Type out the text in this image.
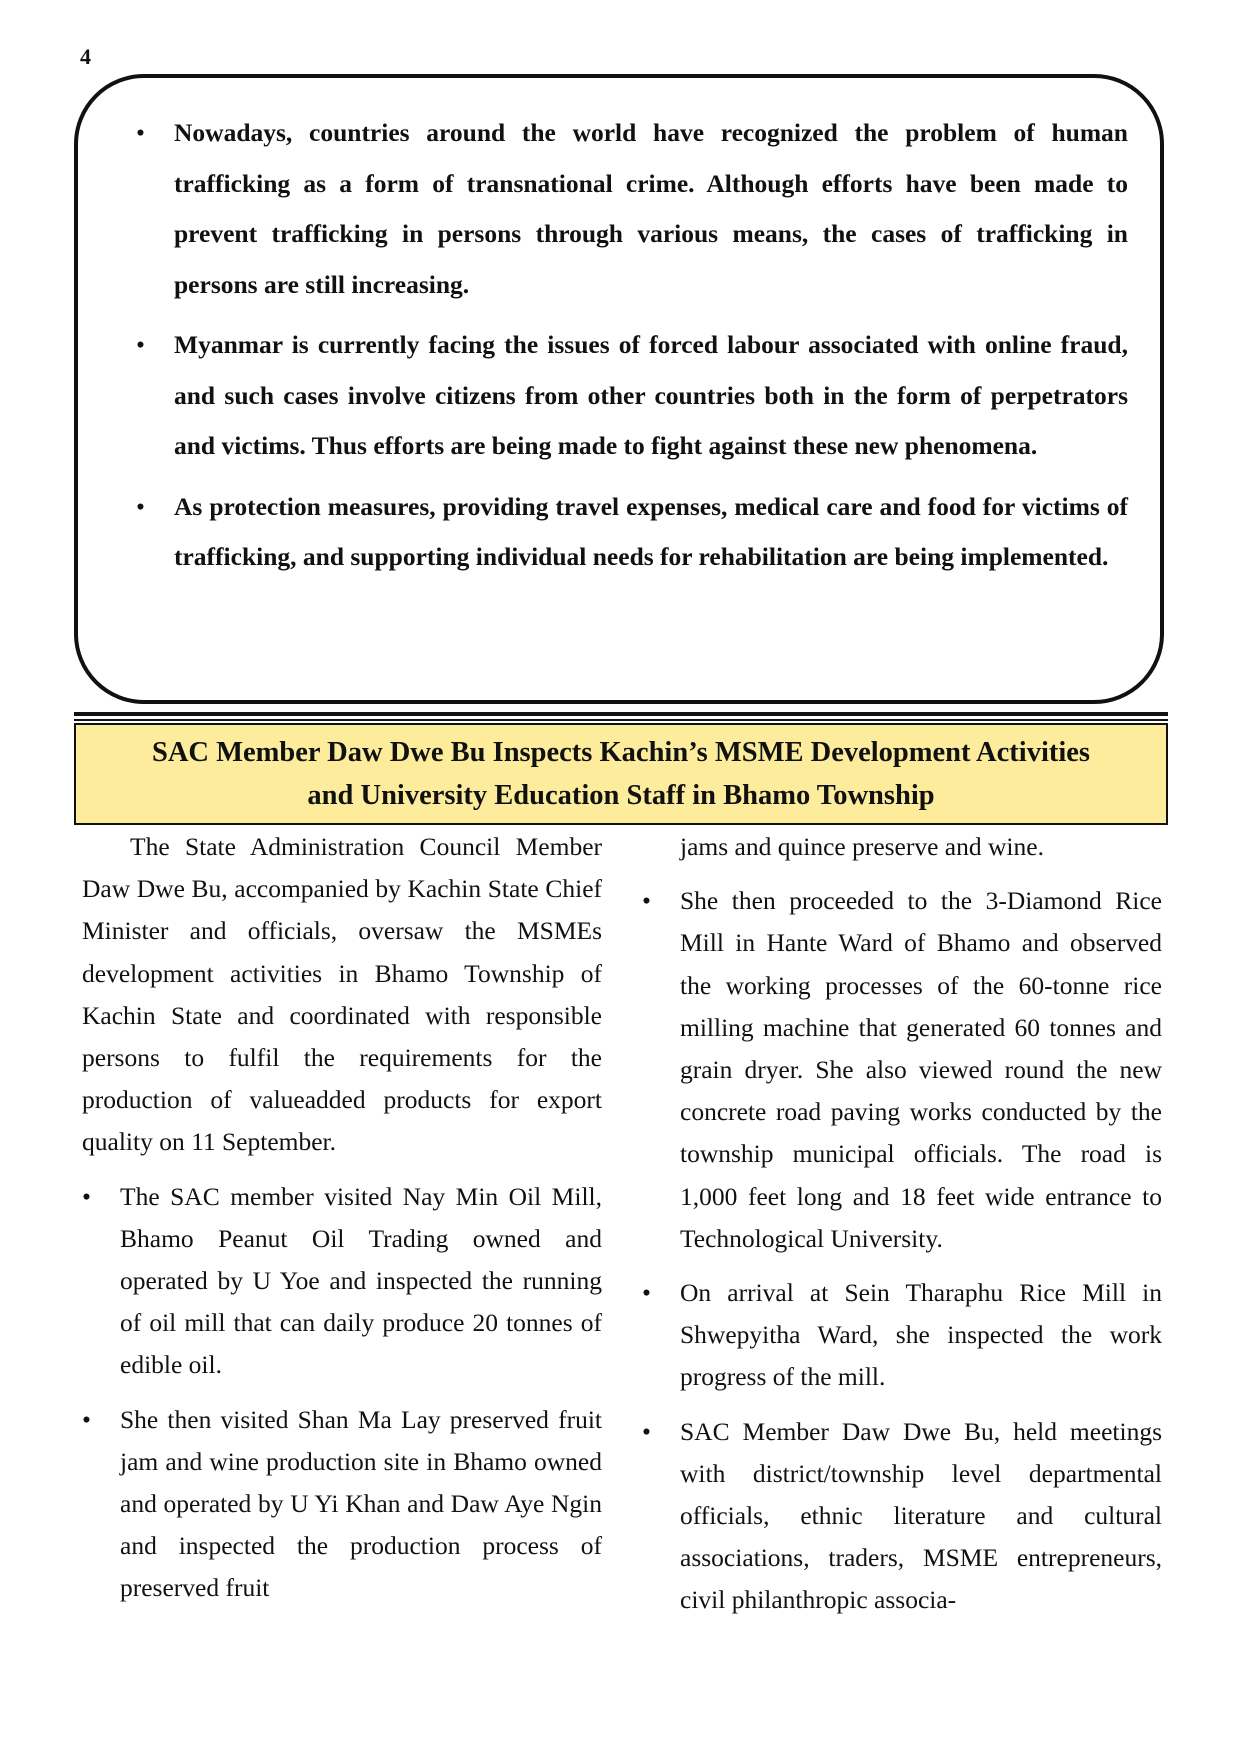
4
• Nowadays, countries around the world have recognized the problem of human trafficking as a form of transnational crime. Although efforts have been made to prevent trafficking in persons through various means, the cases of trafficking in persons are still increasing.
• Myanmar is currently facing the issues of forced labour associated with online fraud, and such cases involve citizens from other countries both in the form of perpetrators and victims. Thus efforts are being made to fight against these new phenomena.
• As protection measures, providing travel expenses, medical care and food for victims of trafficking, and supporting individual needs for rehabilitation are being implemented.
SAC Member Daw Dwe Bu Inspects Kachin’s MSME Development Activities
and University Education Staff in Bhamo Township

The State Administration Council Member Daw Dwe Bu, accompanied by Kachin State Chief Minister and officials, oversaw the MSMEs development activities in Bhamo Township of Kachin State and coordinated with responsible persons to fulfil the requirements for the production of valueadded products for export quality on 11 September.

• The SAC member visited Nay Min Oil Mill, Bhamo Peanut Oil Trading owned and operated by U Yoe and inspected the running of oil mill that can daily produce 20 tonnes of edible oil.
• She then visited Shan Ma Lay preserved fruit jam and wine production site in Bhamo owned and operated by U Yi Khan and Daw Aye Ngin and inspected the production process of preserved fruit

jams and quince preserve and wine.

• She then proceeded to the 3-Diamond Rice Mill in Hante Ward of Bhamo and observed the working processes of the 60-tonne rice milling machine that generated 60 tonnes and grain dryer. She also viewed round the new concrete road paving works conducted by the township municipal officials. The road is 1,000 feet long and 18 feet wide entrance to Technological University.
• On arrival at Sein Tharaphu Rice Mill in Shwepyitha Ward, she inspected the work progress of the mill.
• SAC Member Daw Dwe Bu, held meetings with district/township level departmental officials, ethnic literature and cultural associations, traders, MSME entrepreneurs, civil philanthropic associa-
